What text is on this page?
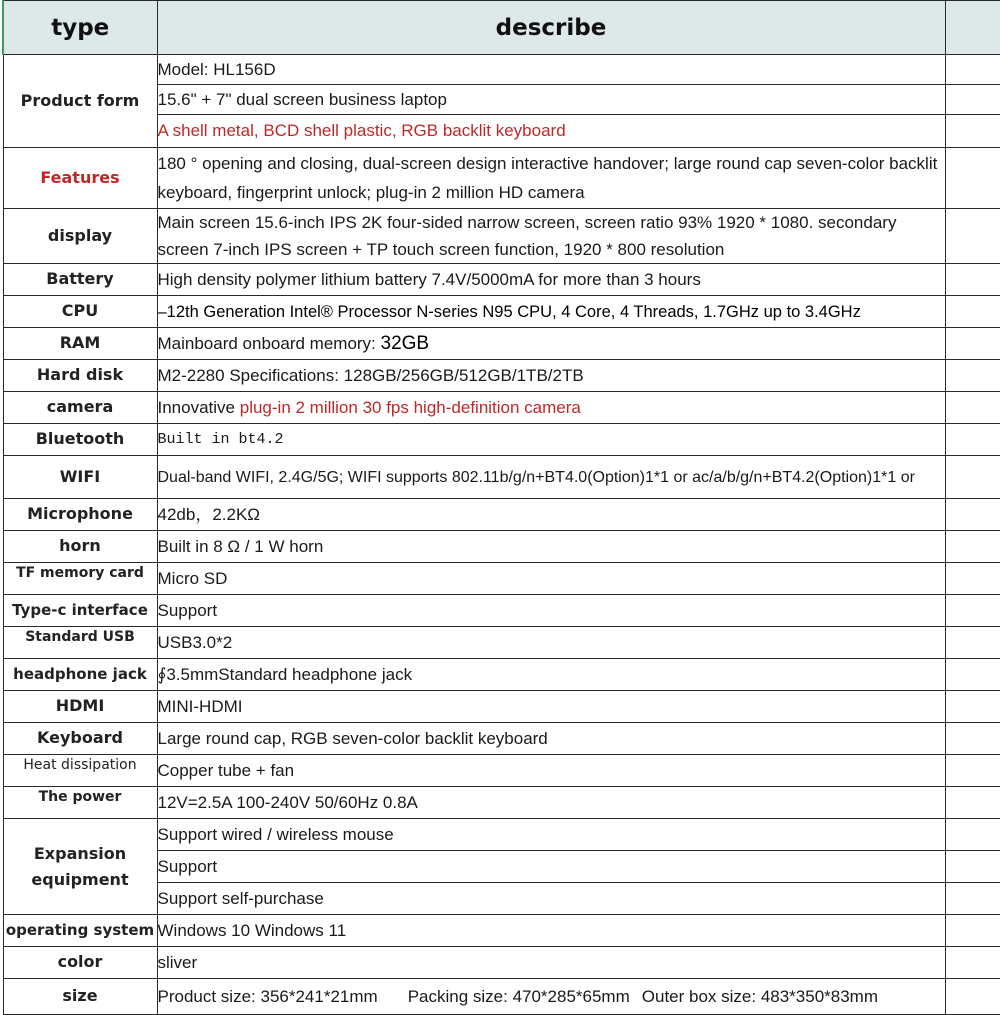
type	describe	
Product form	Model: HL156D	
	15.6" + 7" dual screen business laptop	
	A shell metal, BCD shell plastic, RGB backlit keyboard	
Features	180 ° opening and closing, dual-screen design interactive handover; large round cap seven-color backlit keyboard, fingerprint unlock; plug-in 2 million HD camera	
display	Main screen 15.6-inch IPS 2K four-sided narrow screen, screen ratio 93% 1920 * 1080. secondary screen 7-inch IPS screen + TP touch screen function, 1920 * 800 resolution	
Battery	High density polymer lithium battery 7.4V/5000mA for more than 3 hours	
CPU	–12th Generation Intel® Processor N-series N95 CPU, 4 Core, 4 Threads, 1.7GHz up to 3.4GHz	
RAM	Mainboard onboard memory: 32GB	
Hard disk	M2-2280 Specifications: 128GB/256GB/512GB/1TB/2TB	
camera	Innovative plug-in 2 million 30 fps high-definition camera	
Bluetooth	Built in bt4.2	
WIFI	Dual-band WIFI, 2.4G/5G; WIFI supports 802.11b/g/n+BT4.0(Option)1*1 or ac/a/b/g/n+BT4.2(Option)1*1 or	
Microphone	42db，2.2KΩ	
horn	Built in 8 Ω / 1 W horn	
TF memory card	Micro SD	
Type-c interface	Support	
Standard USB	USB3.0*2	
headphone jack	∮3.5mmStandard headphone jack	
HDMI	MINI-HDMI	
Keyboard	Large round cap, RGB seven-color backlit keyboard	
Heat dissipation	Copper tube + fan	
The power	12V=2.5A 100-240V 50/60Hz 0.8A	
Expansion equipment	Support wired / wireless mouse	
	Support	
	Support self-purchase	
operating system	Windows 10 Windows 11	
color	sliver	
size	Product size: 356*241*21mm Packing size: 470*285*65mm Outer box size: 483*350*83mm	
